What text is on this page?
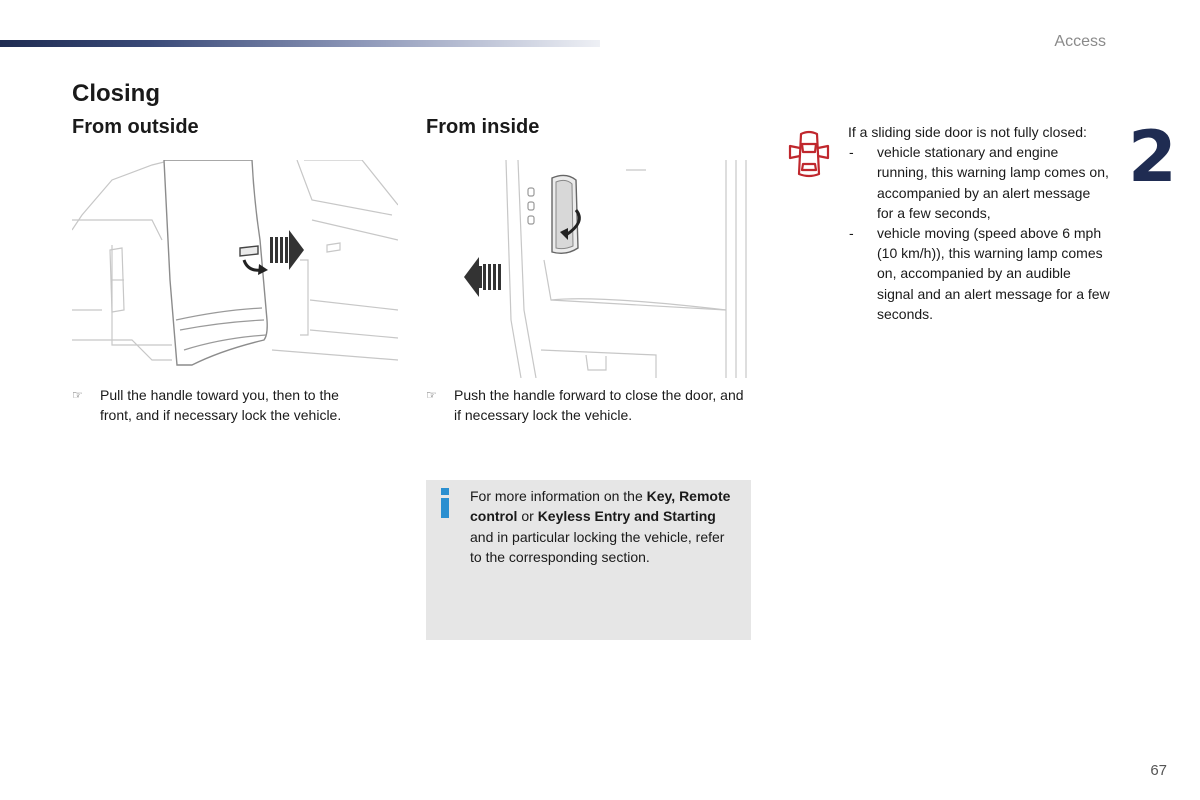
Access
2
Closing
From outside	From inside
☞	Pull the handle toward you, then to the front, and if necessary lock the vehicle.
☞	Push the handle forward to close the door, and if necessary lock the vehicle.
For more information on the Key, Remote control or Keyless Entry and Starting and in particular locking the vehicle, refer to the corresponding section.
If a sliding side door is not fully closed:
- vehicle stationary and engine running, this warning lamp comes on, accompanied by an alert message for a few seconds,
- vehicle moving (speed above 6 mph (10 km/h)), this warning lamp comes on, accompanied by an audible signal and an alert message for a few seconds.
67
